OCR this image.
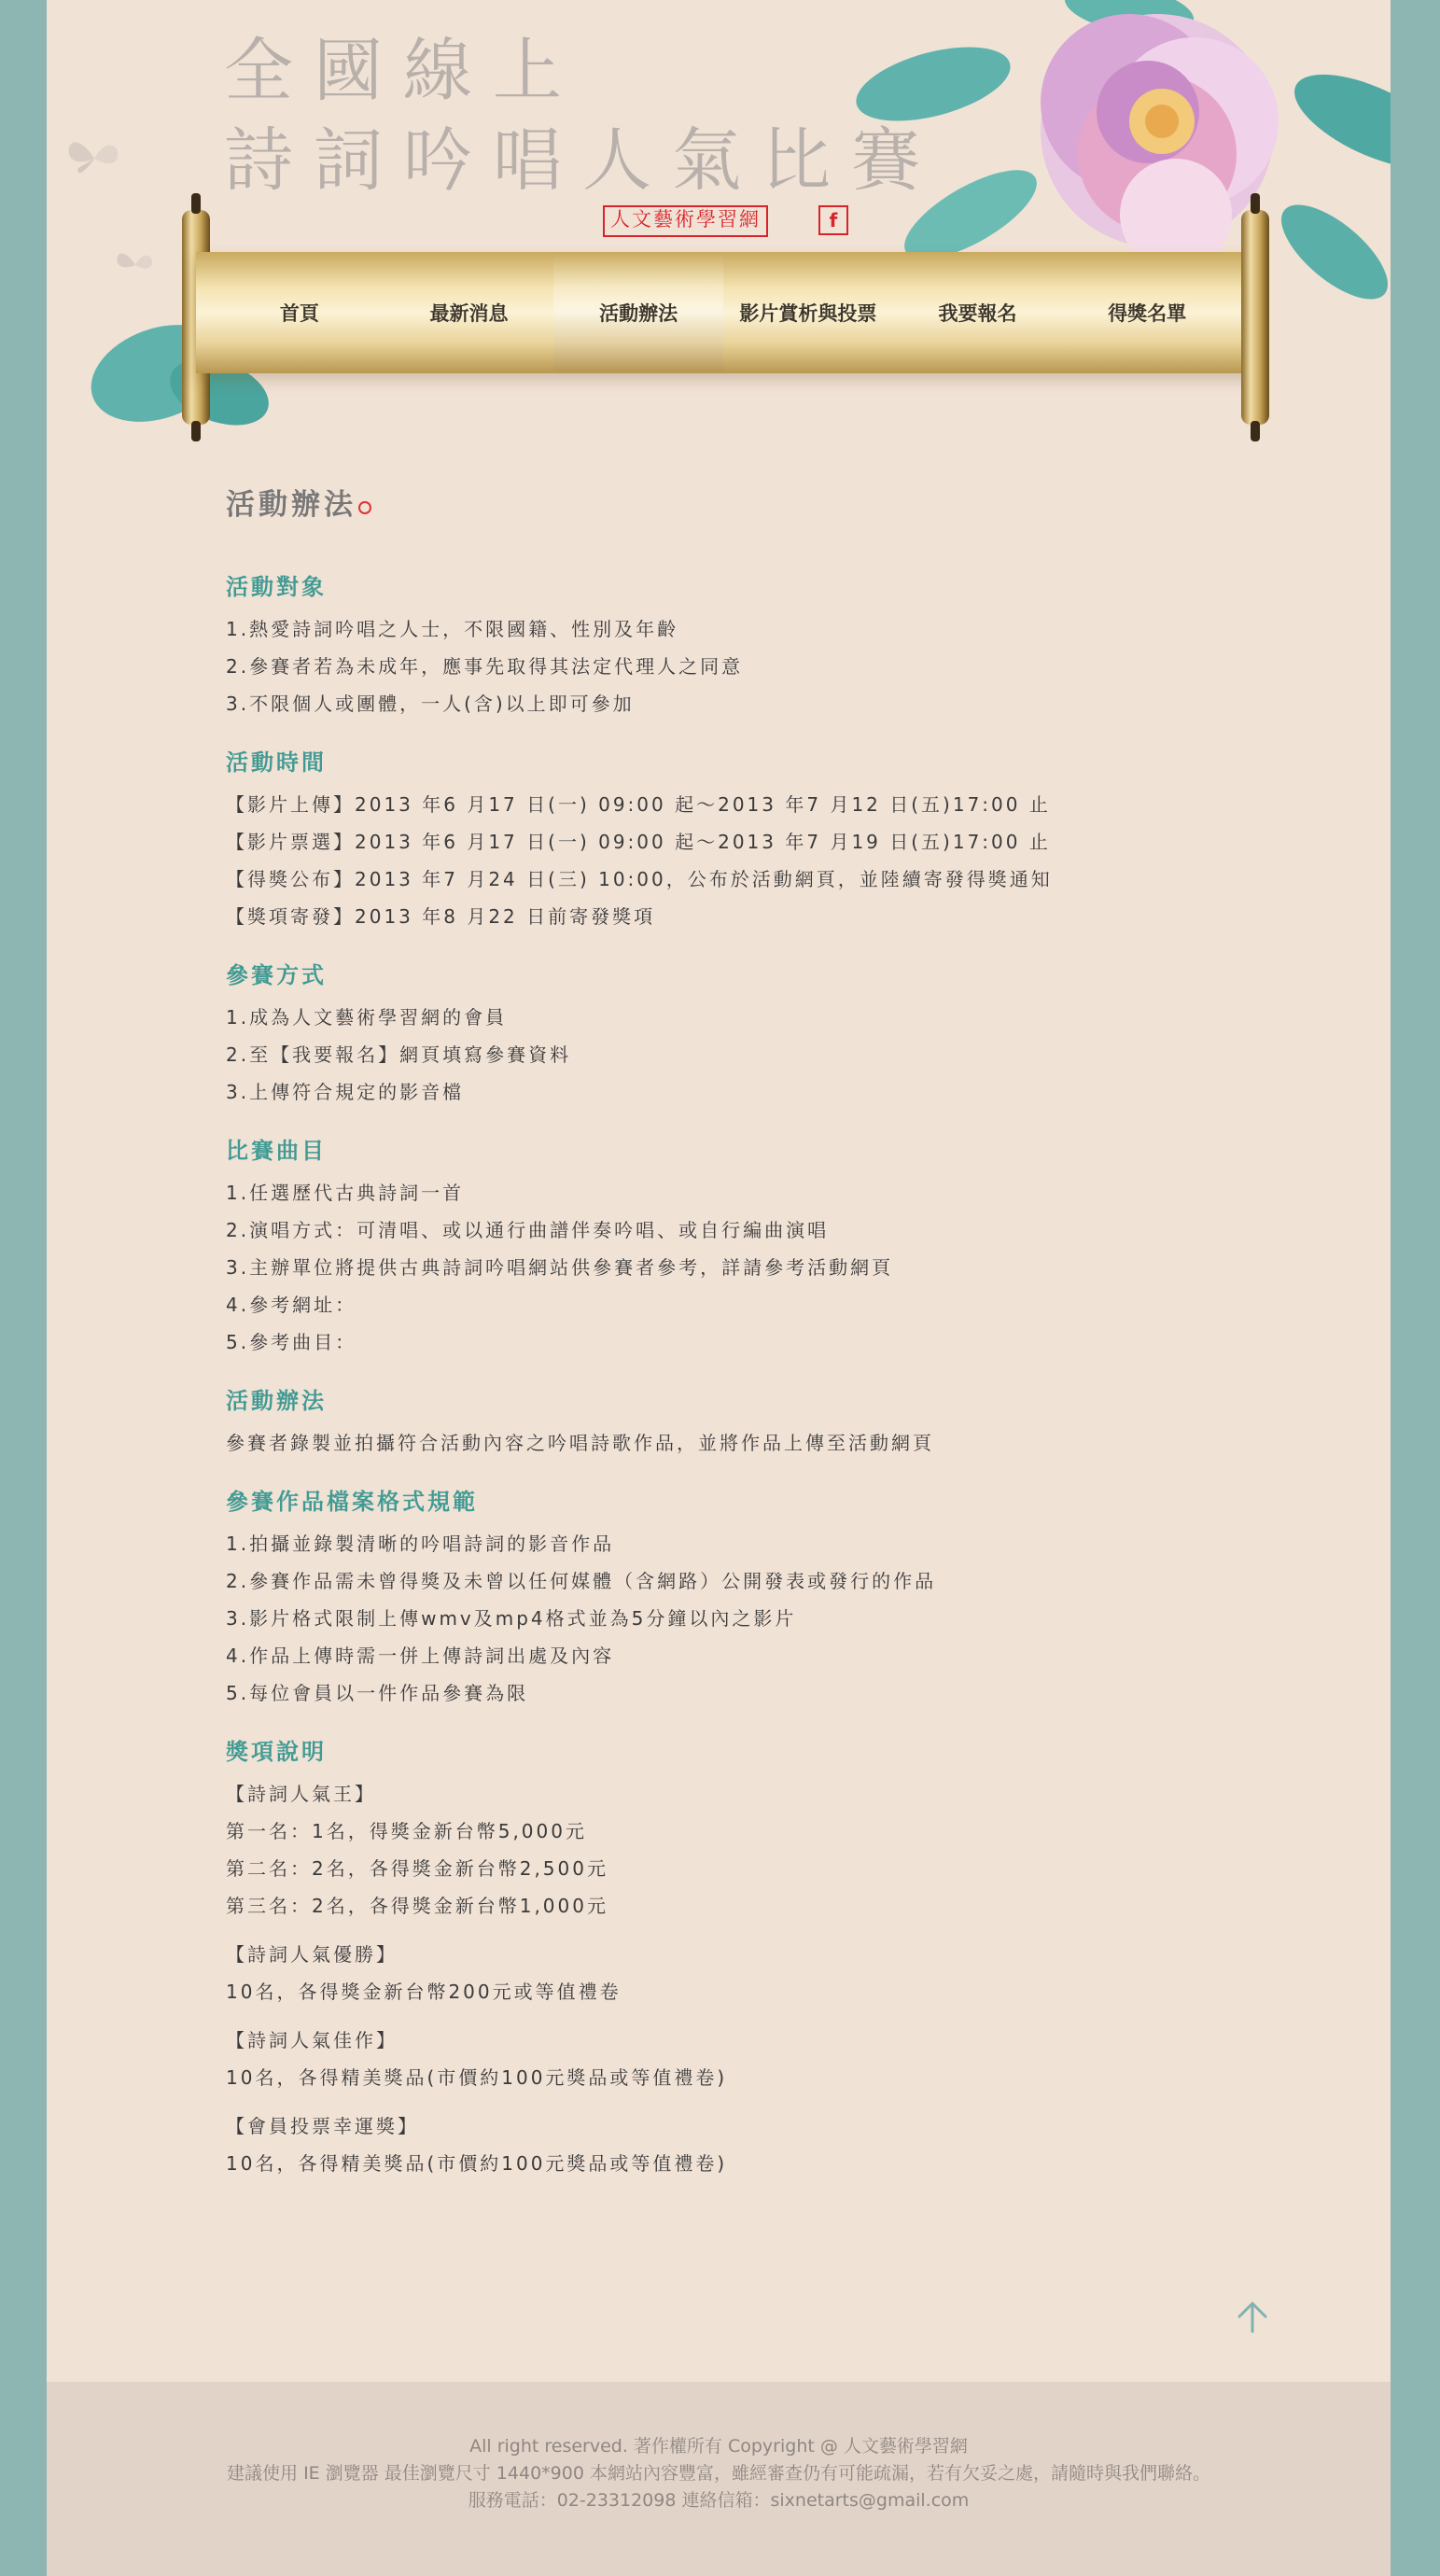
全國線上
詩詞吟唱人氣比賽
人文藝術學習網	f
首頁	最新消息	活動辦法	影片賞析與投票	我要報名	得獎名單
活動辦法
活動對象
1.熱愛詩詞吟唱之人士，不限國籍、性別及年齡
2.參賽者若為未成年，應事先取得其法定代理人之同意
3.不限個人或團體，一人(含)以上即可參加
活動時間
【影片上傳】2013 年6 月17 日(一) 09:00 起～2013 年7 月12 日(五)17:00 止
【影片票選】2013 年6 月17 日(一) 09:00 起～2013 年7 月19 日(五)17:00 止
【得獎公布】2013 年7 月24 日(三) 10:00，公布於活動網頁，並陸續寄發得獎通知
【獎項寄發】2013 年8 月22 日前寄發獎項
參賽方式
1.成為人文藝術學習網的會員
2.至【我要報名】網頁填寫參賽資料
3.上傳符合規定的影音檔
比賽曲目
1.任選歷代古典詩詞一首
2.演唱方式：可清唱、或以通行曲譜伴奏吟唱、或自行編曲演唱
3.主辦單位將提供古典詩詞吟唱網站供參賽者參考，詳請參考活動網頁
4.參考網址：
5.參考曲目：
活動辦法
參賽者錄製並拍攝符合活動內容之吟唱詩歌作品，並將作品上傳至活動網頁
參賽作品檔案格式規範
1.拍攝並錄製清晰的吟唱詩詞的影音作品
2.參賽作品需未曾得獎及未曾以任何媒體（含網路）公開發表或發行的作品
3.影片格式限制上傳wmv及mp4格式並為5分鐘以內之影片
4.作品上傳時需一併上傳詩詞出處及內容
5.每位會員以一件作品參賽為限
獎項說明
【詩詞人氣王】
第一名：1名，得獎金新台幣5,000元
第二名：2名，各得獎金新台幣2,500元
第三名：2名，各得獎金新台幣1,000元
【詩詞人氣優勝】
10名，各得獎金新台幣200元或等值禮卷
【詩詞人氣佳作】
10名，各得精美獎品(市價約100元獎品或等值禮卷)
【會員投票幸運獎】
10名，各得精美獎品(市價約100元獎品或等值禮卷)
All right reserved. 著作權所有 Copyright @ 人文藝術學習網
建議使用 IE 瀏覽器 最佳瀏覽尺寸 1440*900 本網站內容豐富，雖經審查仍有可能疏漏，若有欠妥之處，請隨時與我們聯絡。
服務電話：02-23312098 連絡信箱：sixnetarts@gmail.com
